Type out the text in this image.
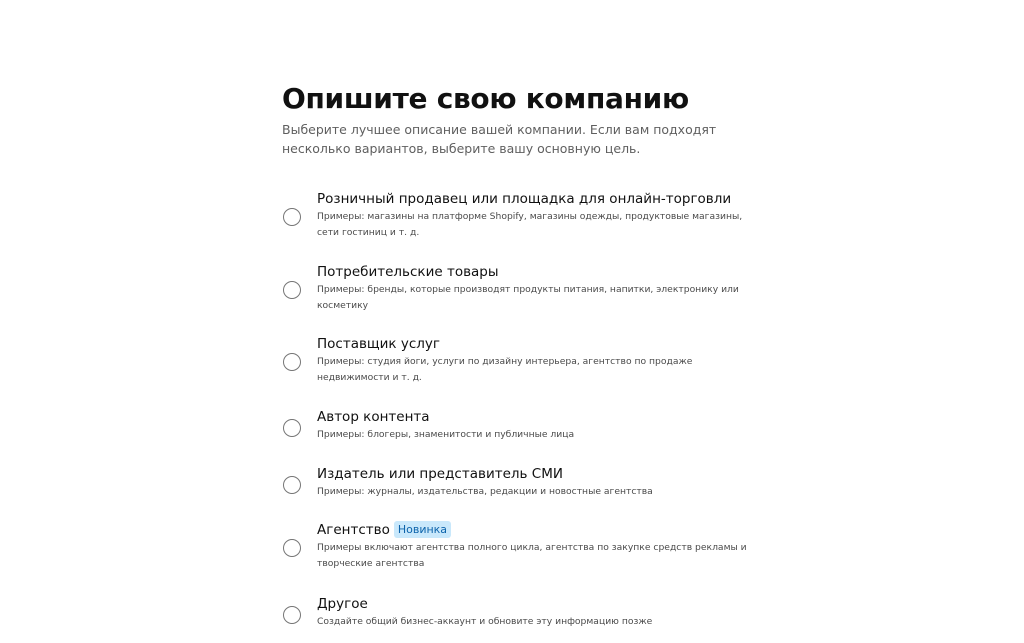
Опишите свою компанию

Выберите лучшее описание вашей компании. Если вам подходят несколько вариантов, выберите вашу основную цель.

Розничный продавец или площадка для онлайн-торговли
Примеры: магазины на платформе Shopify, магазины одежды, продуктовые магазины, сети гостиниц и т. д.
Потребительские товары
Примеры: бренды, которые производят продукты питания, напитки, электронику или косметику
Поставщик услуг
Примеры: студия йоги, услуги по дизайну интерьера, агентство по продаже недвижимости и т. д.
Автор контента
Примеры: блогеры, знаменитости и публичные лица
Издатель или представитель СМИ
Примеры: журналы, издательства, редакции и новостные агентства
Агентство Новинка
Примеры включают агентства полного цикла, агентства по закупке средств рекламы и творческие агентства
Другое
Создайте общий бизнес-аккаунт и обновите эту информацию позже
